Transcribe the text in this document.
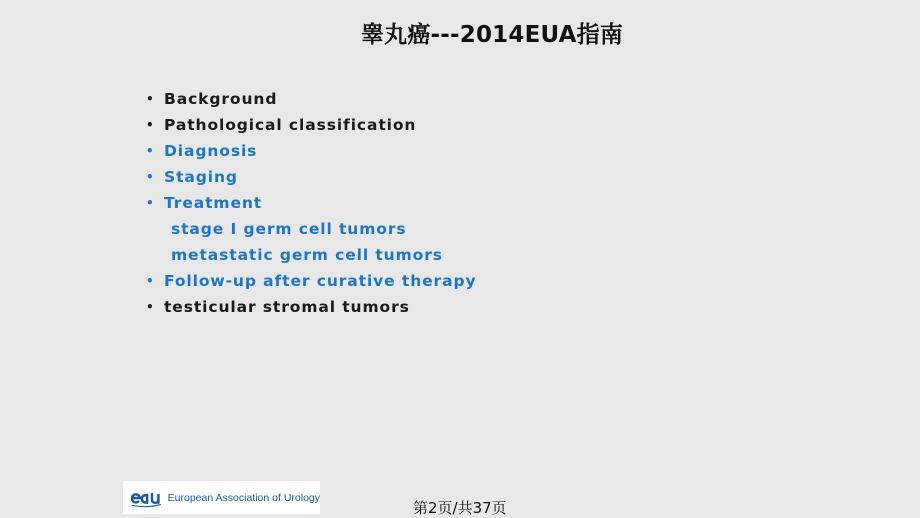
睾丸癌---2014EUA指南
• Background
• Pathological classification
• Diagnosis
• Staging
• Treatment
stage I germ cell tumors
metastatic germ cell tumors
• Follow-up after curative therapy
• testicular stromal tumors
European Association of Urology
第2页/共37页
